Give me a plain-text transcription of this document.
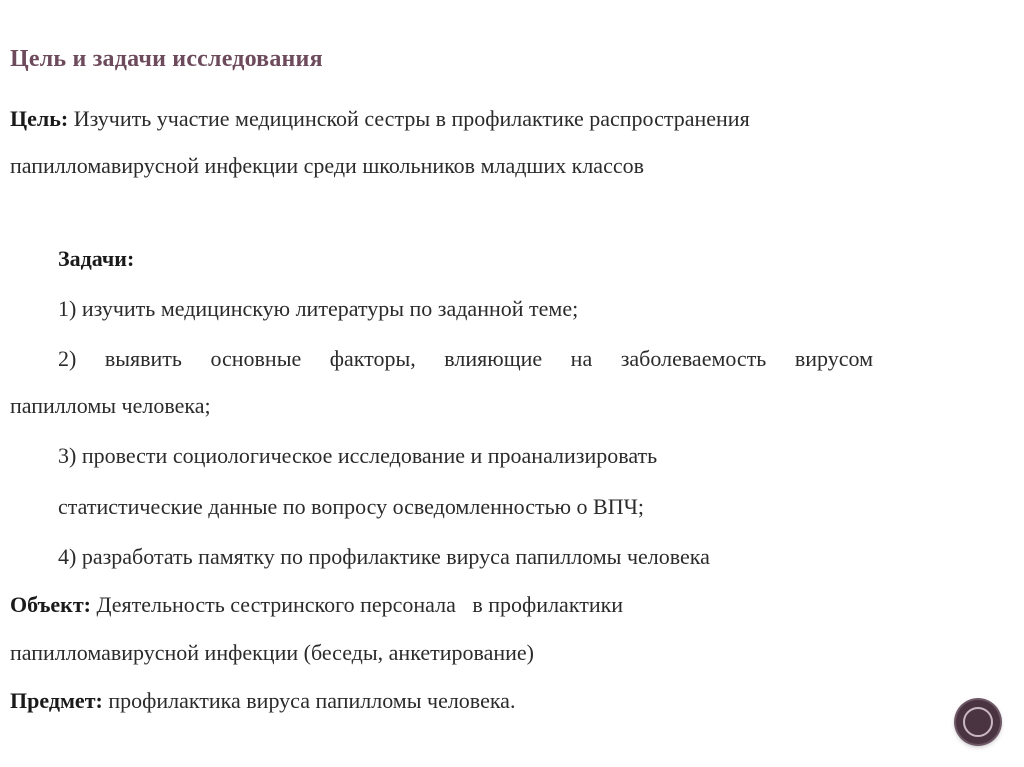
Цель и задачи исследования
Цель: Изучить участие медицинской сестры в профилактике распространения
папилломавирусной инфекции среди школьников младших классов
Задачи:
1) изучить медицинскую литературы по заданной теме;
2) выявить основные факторы, влияющие на заболеваемость вирусом
папилломы человека;
3) провести социологическое исследование и проанализировать
статистические данные по вопросу осведомленностью о ВПЧ;
4) разработать памятку по профилактике вируса папилломы человека
Объект: Деятельность сестринского персонала   в профилактики
папилломавирусной инфекции (беседы, анкетирование)
Предмет: профилактика вируса папилломы человека.
